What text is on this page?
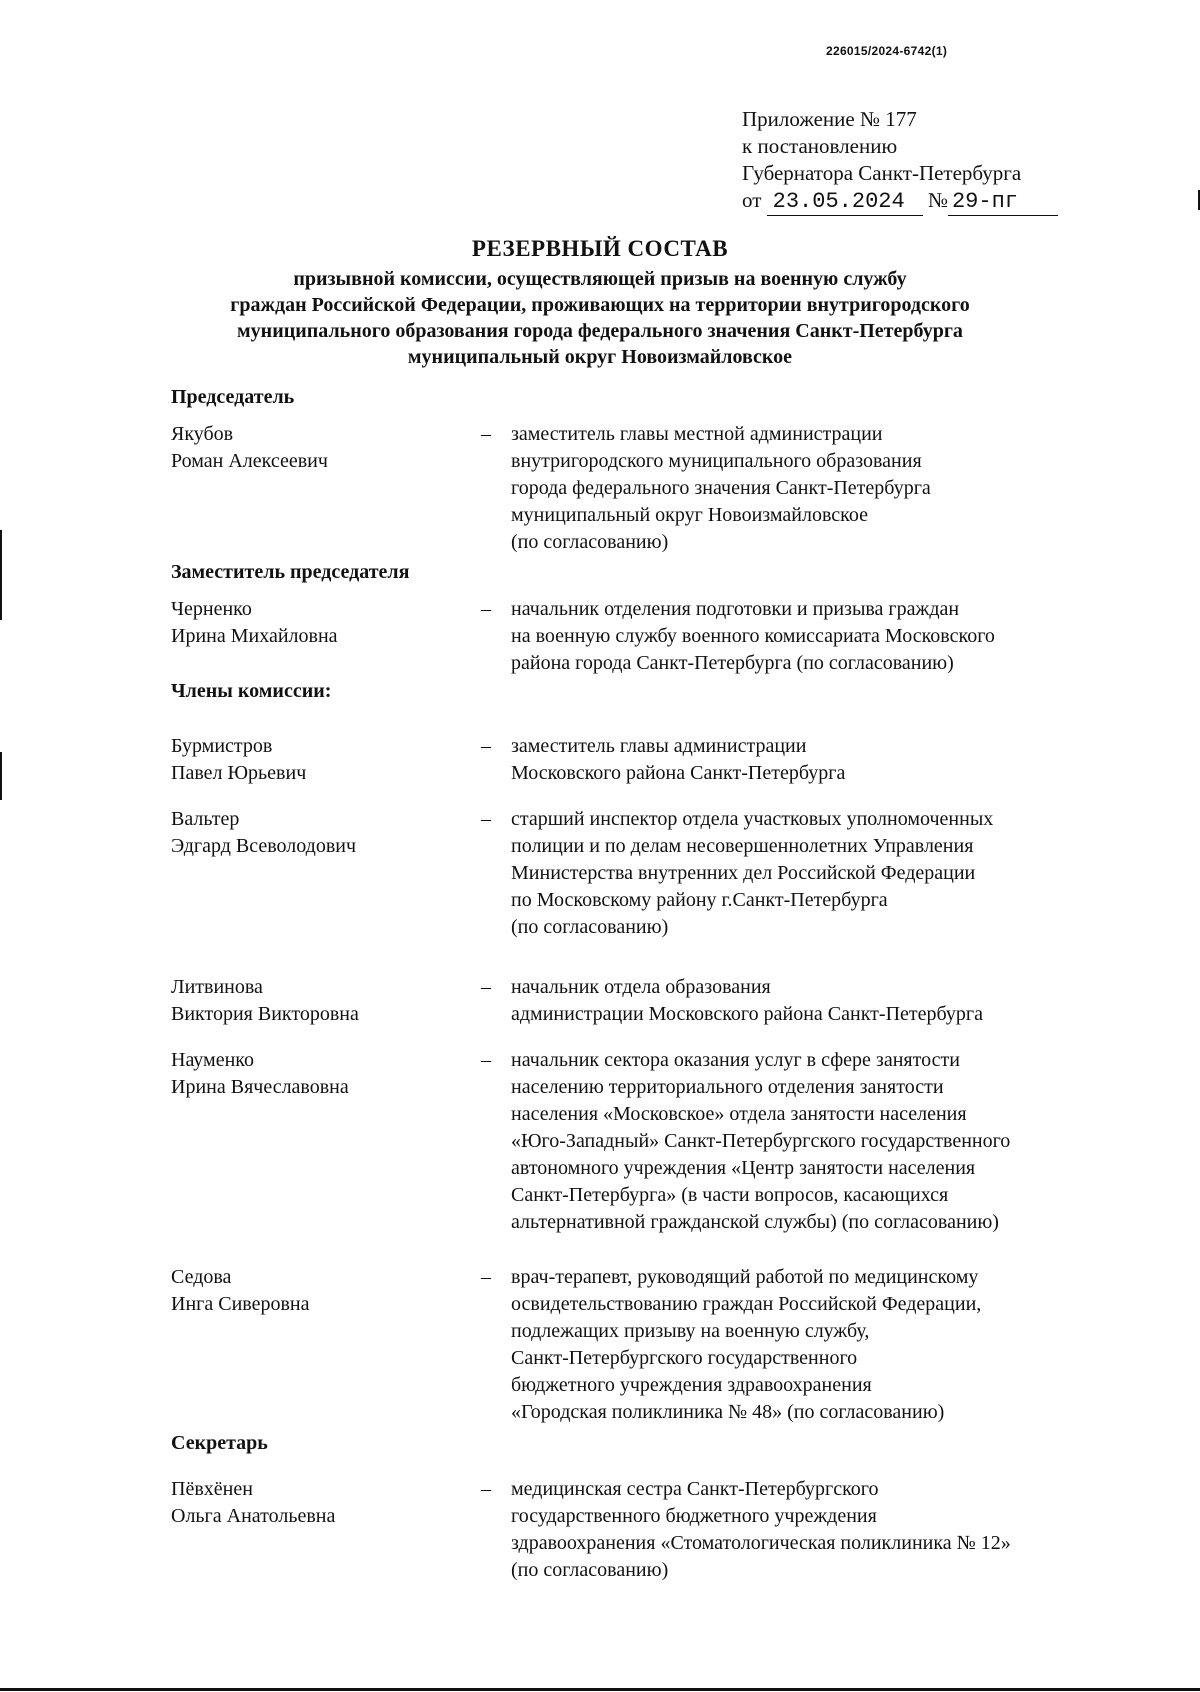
226015/2024-6742(1)
Приложение № 177
к постановлению
Губернатора Санкт-Петербурга
от 23.05.2024 № 29-пг
РЕЗЕРВНЫЙ СОСТАВ
призывной комиссии, осуществляющей призыв на военную службу
граждан Российской Федерации, проживающих на территории внутригородского
муниципального образования города федерального значения Санкт-Петербурга
муниципальный округ Новоизмайловское
Председатель
Якубов
Роман Алексеевич
– заместитель главы местной администрации
внутригородского муниципального образования
города федерального значения Санкт-Петербурга
муниципальный округ Новоизмайловское
(по согласованию)
Заместитель председателя
Черненко
Ирина Михайловна
– начальник отделения подготовки и призыва граждан
на военную службу военного комиссариата Московского
района города Санкт-Петербурга (по согласованию)
Члены комиссии:
Бурмистров
Павел Юрьевич
– заместитель главы администрации
Московского района Санкт-Петербурга
Вальтер
Эдгард Всеволодович
– старший инспектор отдела участковых уполномоченных
полиции и по делам несовершеннолетних Управления
Министерства внутренних дел Российской Федерации
по Московскому району г.Санкт-Петербурга
(по согласованию)
Литвинова
Виктория Викторовна
– начальник отдела образования
администрации Московского района Санкт-Петербурга
Науменко
Ирина Вячеславовна
– начальник сектора оказания услуг в сфере занятости
населению территориального отделения занятости
населения «Московское» отдела занятости населения
«Юго-Западный» Санкт-Петербургского государственного
автономного учреждения «Центр занятости населения
Санкт-Петербурга» (в части вопросов, касающихся
альтернативной гражданской службы) (по согласованию)
Седова
Инга Сиверовна
– врач-терапевт, руководящий работой по медицинскому
освидетельствованию граждан Российской Федерации,
подлежащих призыву на военную службу,
Санкт-Петербургского государственного
бюджетного учреждения здравоохранения
«Городская поликлиника № 48» (по согласованию)
Секретарь
Пёвхёнен
Ольга Анатольевна
– медицинская сестра Санкт-Петербургского
государственного бюджетного учреждения
здравоохранения «Стоматологическая поликлиника № 12»
(по согласованию)
